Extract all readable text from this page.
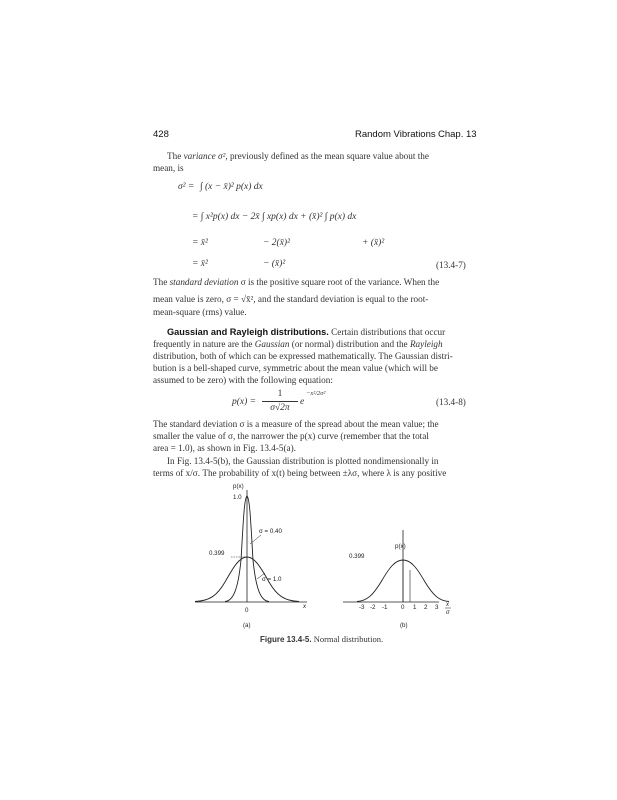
428	Random Vibrations Chap. 13
The variance σ², previously defined as the mean square value about the
mean, is
σ² = ∫ (x − x̄)² p(x) dx
= ∫ x²p(x) dx − 2x̄ ∫ xp(x) dx + (x̄)² ∫ p(x) dx
= x̄²	− 2(x̄)²	+ (x̄)²
= x̄²	− (x̄)²	(13.4-7)
The standard deviation σ is the positive square root of the variance. When the
mean value is zero, σ = √x̄², and the standard deviation is equal to the root-
mean-square (rms) value.
Gaussian and Rayleigh distributions. Certain distributions that occur
frequently in nature are the Gaussian (or normal) distribution and the Rayleigh
distribution, both of which can be expressed mathematically. The Gaussian distri-
bution is a bell-shaped curve, symmetric about the mean value (which will be
assumed to be zero) with the following equation:
p(x) =
1
σ√2π
e
−x²/2σ²
(13.4-8)
The standard deviation σ is a measure of the spread about the mean value; the
smaller the value of σ, the narrower the p(x) curve (remember that the total
area = 1.0), as shown in Fig. 13.4-5(a).
In Fig. 13.4-5(b), the Gaussian distribution is plotted nondimensionally in
terms of x/σ. The probability of x(t) being between ±λσ, where λ is any positive
p(x)
1.0
σ = 0.40
0.399
σ = 1.0
0
x
(a)
p(x)
0.399
-3 -2 -1 0 1 2 3 x
σ
(b)
Figure 13.4-5. Normal distribution.
